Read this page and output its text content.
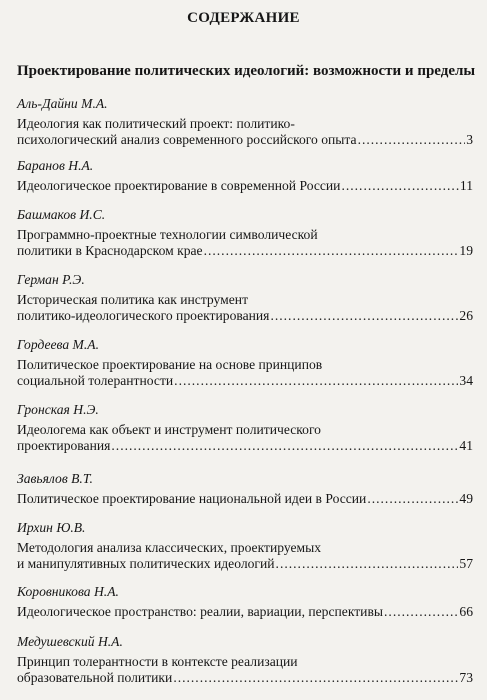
СОДЕРЖАНИЕ
Проектирование политических идеологий: возможности и пределы
Аль-Дайни М.А.
Идеология как политический проект: политико-
психологический анализ современного российского опыта .....	3
Баранов Н.А.
Идеологическое проектирование в современной России .....	11
Башмаков И.С.
Программно-проектные технологии символической
политики в Краснодарском крае .....	19
Герман Р.Э.
Историческая политика как инструмент
политико-идеологического проектирования .....	26
Гордеева М.А.
Политическое проектирование на основе принципов
социальной толерантности .....	34
Гронская Н.Э.
Идеологема как объект и инструмент политического
проектирования .....	41
Завьялов В.Т.
Политическое проектирование национальной идеи в России .....	49
Ирхин Ю.В.
Методология анализа классических, проектируемых
и манипулятивных политических идеологий .....	57
Коровникова Н.А.
Идеологическое пространство: реалии, вариации, перспективы .....	66
Медушевский Н.А.
Принцип толерантности в контексте реализации
образовательной политики .....	73
